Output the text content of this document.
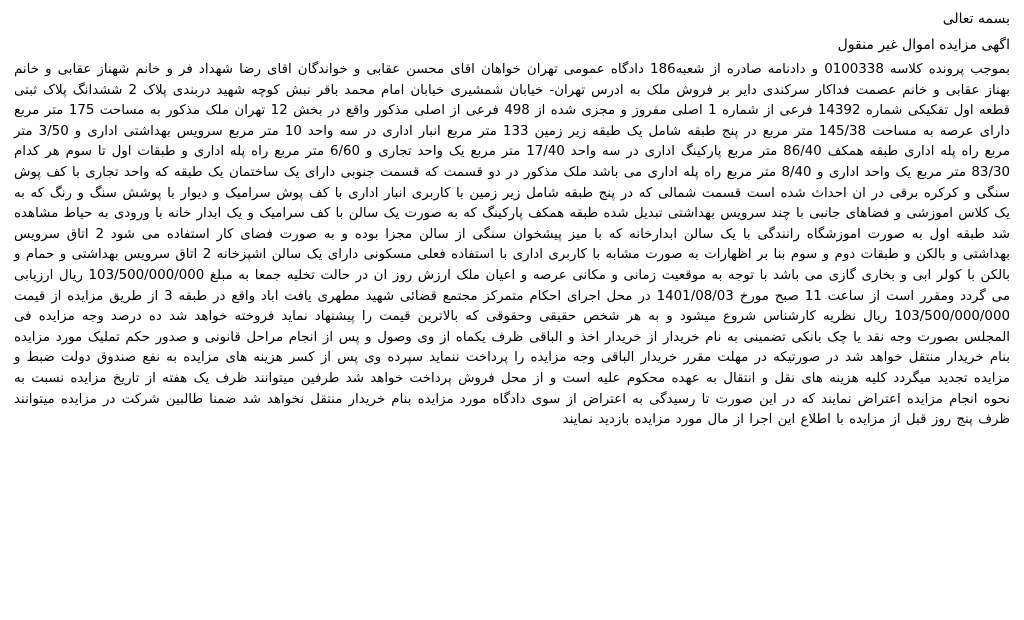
بسمه تعالی

اگهی مزایده اموال غیر منقول

بموجب پرونده کلاسه 0100338 و دادنامه صادره از شعبه186 دادگاه عمومی تهران خواهان اقای محسن عقابی و خواندگان اقای رضا شهداد فر و خانم شهناز عقابی و خانم بهناز عقابی و خانم عصمت فداکار سرکندی دایر بر فروش ملک به ادرس تهران- خیابان شمشیری خیابان امام محمد باقر نبش کوچه شهید دربندی پلاک 2 ششدانگ پلاک ثبتی قطعه اول تفکیکی شماره 14392 فرعی از شماره 1 اصلی مفروز و مجزی شده از 498 فرعی از اصلی مذکور واقع در بخش 12 تهران ملک مذکور به مساحت 175 متر مربع دارای عرصه به مساحت 145/38 متر مربع در پنج طبقه شامل یک طبقه زیر زمین 133 متر مربع انبار اداری در سه واحد 10 متر مربع سرویس بهداشتی اداری و 3/50 متر مربع راه پله اداری طبقه همکف 86/40 متر مربع پارکینگ اداری در سه واحد 17/40 متر مربع یک واحد تجاری و 6/60 متر مربع راه پله اداری و طبقات اول تا سوم هر کدام 83/30 متر مربع یک واحد اداری و 8/40 متر مربع راه پله اداری می باشد ملک مذکور در دو قسمت که قسمت جنوبی دارای یک ساختمان یک طبقه که واحد تجاری با کف پوش سنگی و کرکره برقی در ان احداث شده است قسمت شمالی که در پنج طبقه شامل زیر زمین با کاربری انبار اداری با کف پوش سرامیک و دیوار با پوشش سنگ و رنگ که به یک کلاس اموزشی و فضاهای جانبی با چند سرویس بهداشتی تبدیل شده طبقه همکف پارکینگ که به صورت یک سالن با کف سرامیک و یک ابدار خانه با ورودی به حیاط مشاهده شد طبقه اول به صورت اموزشگاه رانندگی با یک سالن ابدارخانه که با میز پیشخوان سنگی از سالن مجزا بوده و به صورت فضای کار استفاده می شود 2 اتاق سرویس بهداشتی و بالکن و طبقات دوم و سوم بنا بر اظهارات به صورت مشابه با کاربری اداری با استفاده فعلی مسکونی دارای یک سالن اشپزخانه 2 اتاق سرویس بهداشتی و حمام و بالکن با کولر ابی و بخاری گازی می باشد با توجه به موقعیت زمانی و مکانی عرصه و اعیان ملک ارزش روز ان در حالت تخلیه جمعا به مبلغ 103/500/000/000 ریال ارزیابی می گردد ومقرر است از ساعت 11 صبح مورخ 1401/08/03 در محل اجرای احکام متمرکز مجتمع قضائی شهید مطهری یافت اباد واقع در طبقه 3 از طریق مزایده از قیمت 103/500/000/000 ریال نظریه کارشناس شروع میشود و به هر شخص حقیقی وحقوقی که بالاترین قیمت را پیشنهاد نماید فروخته خواهد شد ده درصد وجه مزایده فی المجلس بصورت وجه نقد یا چک بانکی تضمینی به نام خریدار از خریدار اخذ و الباقی ظرف یکماه از وی وصول و پس از انجام مراحل قانونی و صدور حکم تملیک مورد مزایده بنام خریدار منتقل خواهد شد در صورتیکه در مهلت مقرر خریدار الباقی وجه مزایده را پرداخت ننماید سپرده وی پس از کسر هزینه های مزایده به نفع صندوق دولت ضبط و مزایده تجدید میگردد کلیه هزینه های نقل و انتقال به عهده محکوم علیه است و از محل فروش پرداخت خواهد شد طرفین میتوانند ظرف یک هفته از تاریخ مزایده نسبت به نحوه انجام مزایده اعتراض نمایند که در این صورت تا رسیدگی به اعتراض از سوی دادگاه مورد مزایده بنام خریدار منتقل نخواهد شد ضمنا طالبین شرکت در مزایده میتوانند ظرف پنج روز قبل از مزایده با اطلاع این اجرا از مال مورد مزایده بازدید نمایند
